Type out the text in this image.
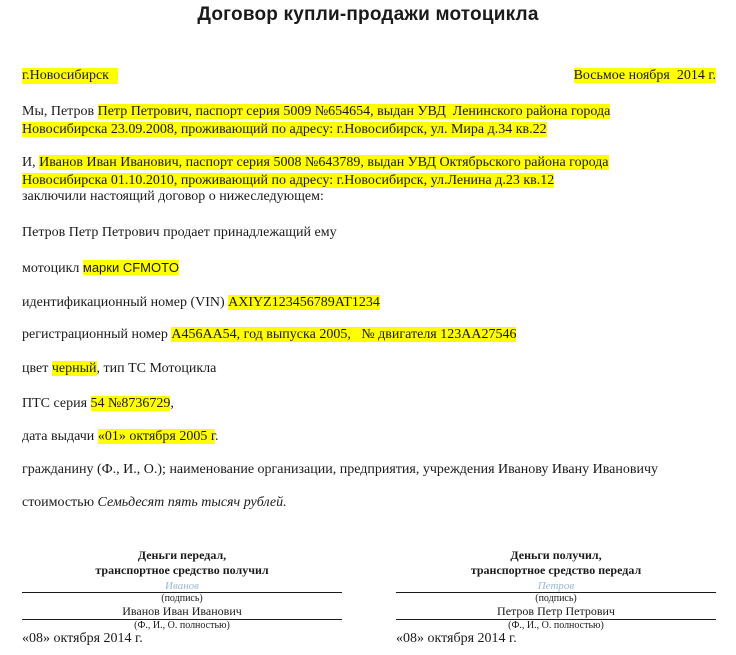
Договор купли-продажи мотоцикла
г.Новосибирск	Восьмое ноября  2014 г.
Мы, Петров Петр Петрович, паспорт серия 5009 №654654, выдан УВД  Ленинского района города
Новосибирска 23.09.2008, проживающий по адресу: г.Новосибирск, ул. Мира д.34 кв.22
И, Иванов Иван Иванович, паспорт серия 5008 №643789, выдан УВД Октябрьского района города
Новосибирска 01.10.2010, проживающий по адресу: г.Новосибирск, ул.Ленина д.23 кв.12
заключили настоящий договор о нижеследующем:
Петров Петр Петрович продает принадлежащий ему
мотоцикл марки CFMOTO
идентификационный номер (VIN) AXIYZ123456789AT1234
регистрационный номер А456АА54, год выпуска 2005,   № двигателя 123АА27546
цвет черный, тип ТС Мотоцикла
ПТС серия 54 №8736729,
дата выдачи «01» октября 2005 г.
гражданину (Ф., И., О.); наименование организации, предприятия, учреждения Иванову Ивану Ивановичу
стоимостью Семьдесят пять тысяч рублей.
Деньги передал,
транспортное средство получил
Иванов
(подпись)
Иванов Иван Иванович
(Ф., И., О. полностью)
«08» октября 2014 г.
Деньги получил,
транспортное средство передал
Петров
(подпись)
Петров Петр Петрович
(Ф., И., О. полностью)
«08» октября 2014 г.
